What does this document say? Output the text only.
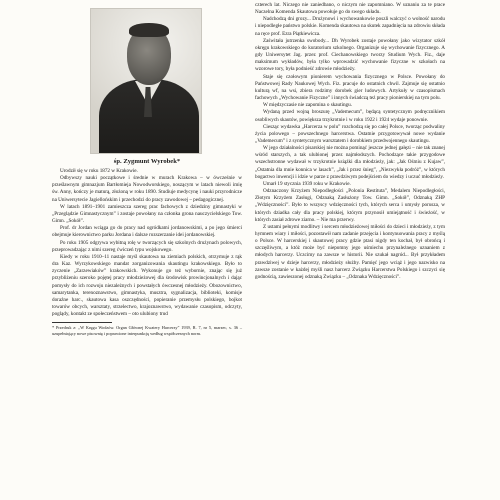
śp. Zygmunt Wyrobek*

Urodził się w roku 1872 w Krakowie.

Odbywszy nauki początkowe i średnie w murach Krakowa – w ówcześnie w prześlawnym gimnazjum Bartłomieja Nowodworskiego, noszącym w latach niewoli imię św. Anny, kończy je maturą, złożoną w roku 1890. Studiuje medycynę i nauki przyrodnicze na Uniwersytecie Jagiellońskim i przechodzi do pracy zawodowej – pedagogicznej.

W latach 1891–1901 zamieszcza szereg prac fachowych z dziedziny gimnastyki w „Przeglądzie Gimnastycznym” i zostaje powołany na członka grona nauczycielskiego Tow. Gimn. „Sokół”.

Prof. dr Jordan wciąga go do pracy nad ogródkami jordanowskimi, a po jego śmierci obejmuje kierownictwo parku Jordana i dalsze rozszerzanie idei jordanowskiej.

Po roku 1905 odgrywa wybitną rolę w tworzących się szkolnych drużynach polowych, przeprowadzając z nimi szereg ćwiczeń typu wojskowego.

Kiedy w roku 1910–11 nastaje myśl skautowa na ziemiach polskich, otrzymuje z rąk dra Kaz. Wyrzykowskiego mandat zorganizowania skautingu krakowskiego. Było to zyczenie „Zarzewiaków” krakowskich. Wykonuje go też wybornie, znając się już przybliżeniu szeroko pojętej pracy młodzieżowej dla środowisk prowincjonalnych i dając pomysły do ich rozwoju niezależnych i powstałych ówczesnej młodzieży. Obozownictwo, samarytanka, terenoznawstwo, gimnastyka, musztra, sygnalizacja, biblioteki, komisje doraźne harc., skautowa kasa oszczędności, popieranie przemysłu polskiego, bojkot towarów obcych, warsztaty, strzelectwo, krajoznawstwo, wydawanie czasopism, odczyty, poglądy, kontakt ze społeczeństwem – oto ulubiony trud

* Przedruk z: „W Kręgu Wodzów. Organ Głównej Kwatery Harcerzy” 1939, R. 7, nr 5, marzec, s. 36 – uzupełniający nowe pisownię i poprawione interpunkcję według współczesnych norm.

czterech lat. Niczego nie zaniedbano, o niczym nie zapomniano. W uznaniu za te prace Naczelna Komenda Skautowa powołuje go do swego składu.

Nadchodzą dni grozy... Drużynowi i wychowankowie poszli walczyć o wolność narodu i niepodległe państwo polskie. Komenda skautowa na skutek zapadnięcia na zdrowiu składa na ręce prof. Ezra Piątkiewicza.

Zaświtała jutrzenka swobody... Dh Wyrobek zostaje powołany jako wizytator szkół okręgu krakowskiego do kuratorium szkolnego. Organizuje się wychowanie fizycznego. A gdy Uniwersytet Jag. przez prof. Ciechanowskiego tworzy Studium Wych. Fiz., daje maksimum wykładów, była tylko wprowadzić wychowanie fizyczne w szkołach na wzorowe tory, była podnieść zdrowie młodzieży.

Staje się czołowym pionierem wychowania fizycznego w Polsce. Powołany do Państwowej Rady Naukowej Wych. Fiz. pracuje do ostatnich chwil. Zajmuje się ostatnio kulturą wf, na wsi, zbiera rodzimy dorobek gier ludowych. Artykuły w czasopismach fachowych „Wychowanie Fizyczne” i innych świadczą też pracy pionierskiej na tym polu.

W międzyczasie nie zapomina o skautingu.

Wydaną przed wojną broszurę „Vademecum”, będącą syntetycznym podręcznikiem osobliwych skautów, powiększa trzykrotnie i w roku 1922 i 1924 wydaje ponownie.

Ciesząc wydawka „Harcerza w polu” rozchodzą się po całej Polsce, tworząc podwaliny życia polowego – powszechnego harcerstwa. Ostatnie przygotowywał nowe wydanie „Vademecum” i z syntetycznym warsztatem i dorobkiem przedwojennego skautingu.

W jego działalności pisarskiej nie można pominąć jeszcze jednej gałęzi – nie tak znanej wśród starszych, a tak ulubionej przez najmłodszych. Pochodzące takie przygodowe wszechstronne wydawał w trzykrotnie książki dla młodzieży, jak: „Jak Ośmiu z Kujaw”, „Ostatnia dla mnie konnica w lasach”, „Jak i przez śnieg”, „Niezwykła podróż”, w których bogactwo inwencji i idzie w parze z prawdziwym podejściem do wiedzy i uczuć młodzieży.

Umarł 19 stycznia 1939 roku w Krakowie.

Odznaczony Krzyżem Niepodległości „Polonia Restituta”, Medalem Niepodległości, Złotym Krzyżem Zasługi, Odznaką Zasłużony Tow. Gimn. „Sokół”, Odznaką ZHP „Wdzięczności”. Było to wszyscy wdzięczności tych, których serca i umysły porusza, w których dziadka cały dla pracy polskiej, którym przynosił umiejątność i świeżość, w których zasiał zdrowe ziarno. – Nie ma przerwy.

Z ustami pełnymi modlitwy i sercem młodzieżowej miłości do dzieci i młodzieży, z tym hymnem wiary i miłości, pozostawił nam zadanie przejęcia i kontynuowania pracy z myślą o Polsce. W harcerskiej i skautowej pracy gdzie ptasi nigdy ten kochał, był obrońcą i szczęśliwym, a któż może być niepomny jego uśmiechu przynależnego uznaniem z młodych harcerzy. Uczcimy na zawsze w historii. Nie szukał nagród... Był przykładem prawdziwej w dzieje harcerzy, młodzieży służby. Pamięć jego wciąż i jego nazwisko na zawsze zostanie w każdej myśli nasz harcerz Związku Harcerstwa Polskiego i szczyci się godnością, zawieszonej odznaką Związku – „Odznaka Wdzięczności”.
